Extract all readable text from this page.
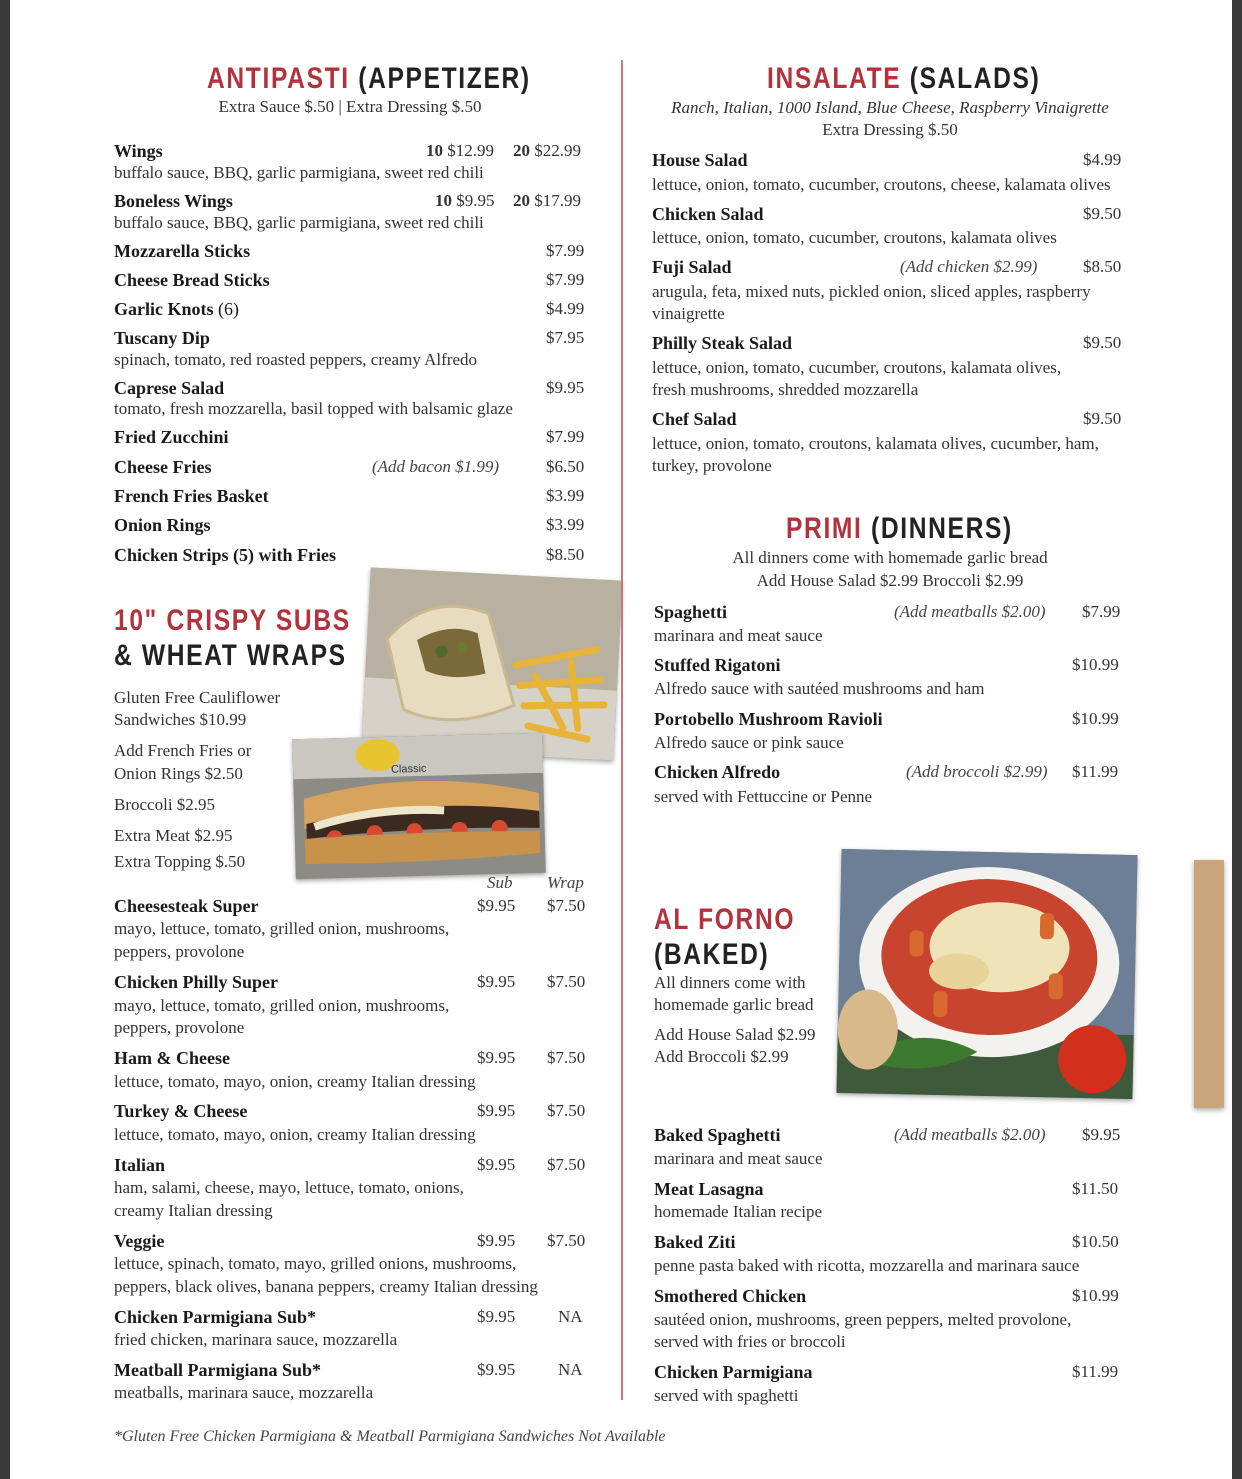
ANTIPASTI (APPETIZER)
Extra Sauce $.50 | Extra Dressing $.50
Wings	10 $12.99 20 $22.99
buffalo sauce, BBQ, garlic parmigiana, sweet red chili
Boneless Wings	10 $9.95 20 $17.99
buffalo sauce, BBQ, garlic parmigiana, sweet red chili
Mozzarella Sticks	$7.99
Cheese Bread Sticks	$7.99
Garlic Knots (6)	$4.99
Tuscany Dip	$7.95
spinach, tomato, red roasted peppers, creamy Alfredo
Caprese Salad	$9.95
tomato, fresh mozzarella, basil topped with balsamic glaze
Fried Zucchini	$7.99
Cheese Fries	(Add bacon $1.99)	$6.50
French Fries Basket	$3.99
Onion Rings	$3.99
Chicken Strips (5) with Fries	$8.50
10" CRISPY SUBS
& WHEAT WRAPS
Gluten Free Cauliflower
Sandwiches $10.99
Add French Fries or
Onion Rings $2.50
Broccoli $2.95
Extra Meat $2.95
Extra Topping $.50
Classic
Sub Wrap
Cheesesteak Super	$9.95 $7.50
mayo, lettuce, tomato, grilled onion, mushrooms,
peppers, provolone
Chicken Philly Super	$9.95 $7.50
mayo, lettuce, tomato, grilled onion, mushrooms,
peppers, provolone
Ham & Cheese	$9.95 $7.50
lettuce, tomato, mayo, onion, creamy Italian dressing
Turkey & Cheese	$9.95 $7.50
lettuce, tomato, mayo, onion, creamy Italian dressing
Italian	$9.95 $7.50
ham, salami, cheese, mayo, lettuce, tomato, onions,
creamy Italian dressing
Veggie	$9.95 $7.50
lettuce, spinach, tomato, mayo, grilled onions, mushrooms,
peppers, black olives, banana peppers, creamy Italian dressing
Chicken Parmigiana Sub*	$9.95	NA
fried chicken, marinara sauce, mozzarella
Meatball Parmigiana Sub*	$9.95	NA
meatballs, marinara sauce, mozzarella
*Gluten Free Chicken Parmigiana & Meatball Parmigiana Sandwiches Not Available
INSALATE (SALADS)
Ranch, Italian, 1000 Island, Blue Cheese, Raspberry Vinaigrette
Extra Dressing $.50
House Salad	$4.99
lettuce, onion, tomato, cucumber, croutons, cheese, kalamata olives
Chicken Salad	$9.50
lettuce, onion, tomato, cucumber, croutons, kalamata olives
Fuji Salad	(Add chicken $2.99)	$8.50
arugula, feta, mixed nuts, pickled onion, sliced apples, raspberry
vinaigrette
Philly Steak Salad	$9.50
lettuce, onion, tomato, cucumber, croutons, kalamata olives,
fresh mushrooms, shredded mozzarella
Chef Salad	$9.50
lettuce, onion, tomato, croutons, kalamata olives, cucumber, ham,
turkey, provolone
PRIMI (DINNERS)
All dinners come with homemade garlic bread
Add House Salad $2.99 Broccoli $2.99
Spaghetti	(Add meatballs $2.00) $7.99
marinara and meat sauce
Stuffed Rigatoni	$10.99
Alfredo sauce with sautéed mushrooms and ham
Portobello Mushroom Ravioli	$10.99
Alfredo sauce or pink sauce
Chicken Alfredo	(Add broccoli $2.99) $11.99
served with Fettuccine or Penne
AL FORNO
(BAKED)
All dinners come with
homemade garlic bread
Add House Salad $2.99
Add Broccoli $2.99
Baked Spaghetti	(Add meatballs $2.00) $9.95
marinara and meat sauce
Meat Lasagna	$11.50
homemade Italian recipe
Baked Ziti	$10.50
penne pasta baked with ricotta, mozzarella and marinara sauce
Smothered Chicken	$10.99
sautéed onion, mushrooms, green peppers, melted provolone,
served with fries or broccoli
Chicken Parmigiana	$11.99
served with spaghetti
